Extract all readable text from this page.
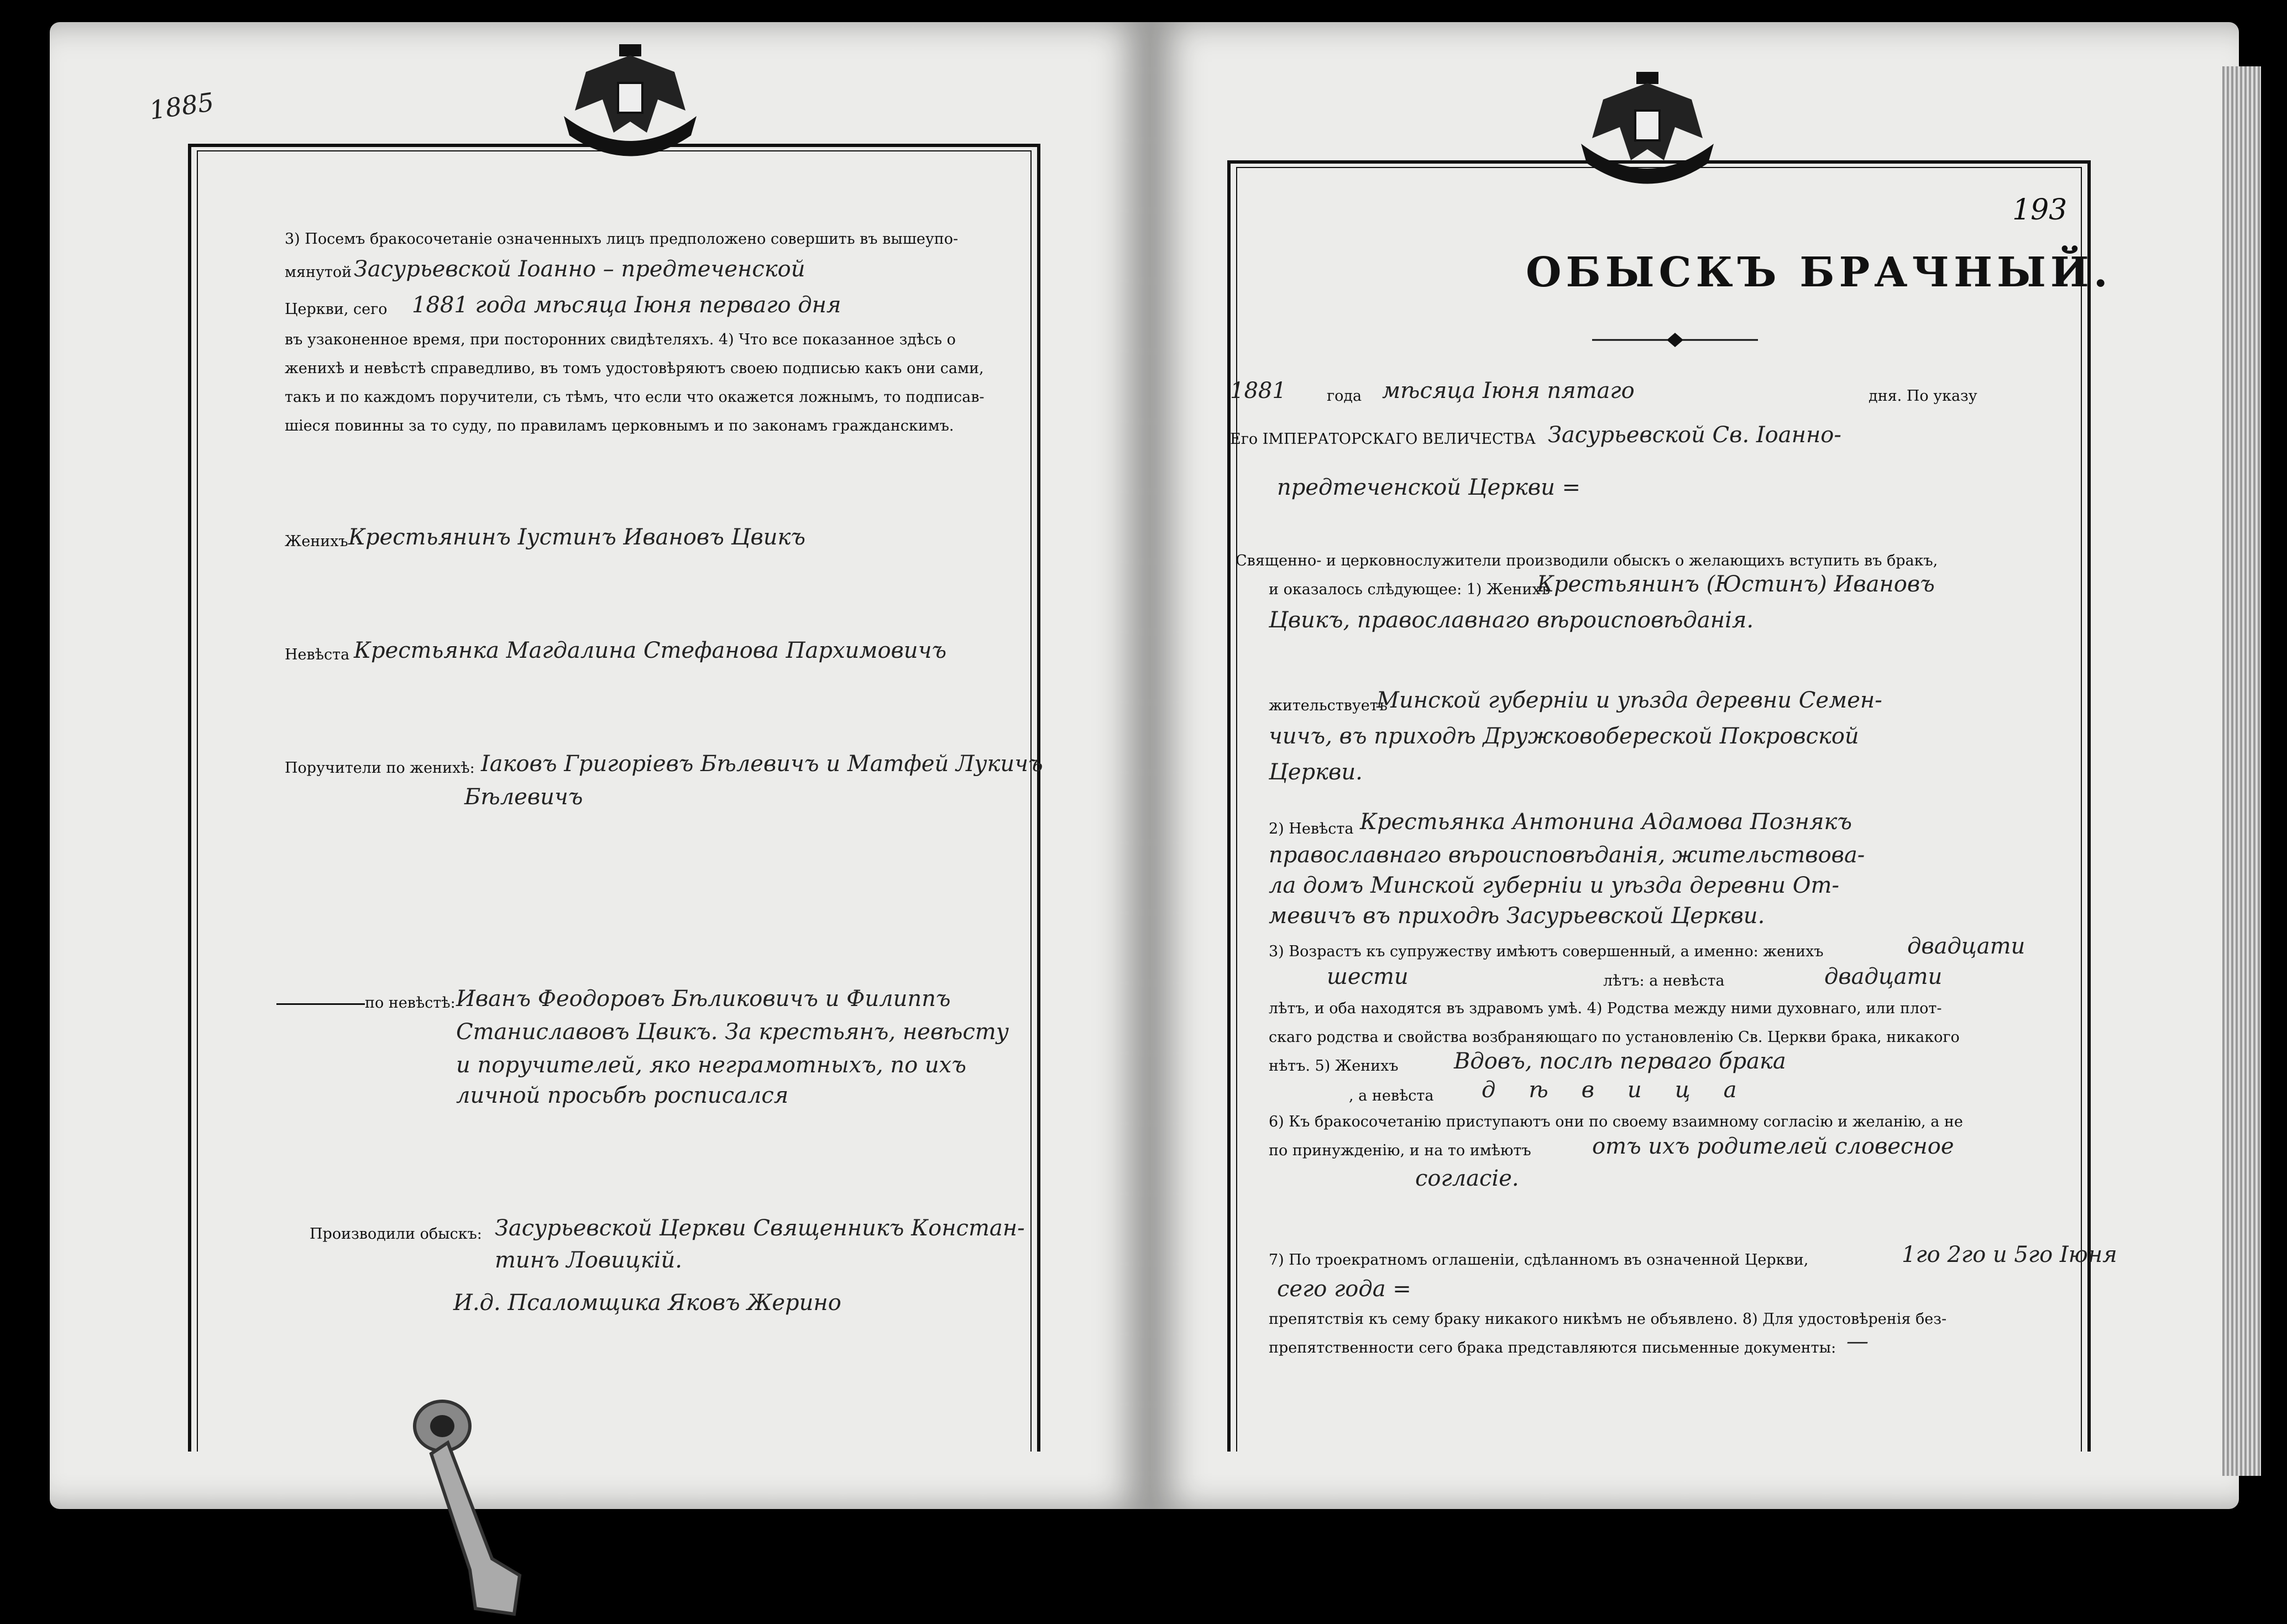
1885
3) Посемъ бракосочетанiе означенныхъ лицъ предположено совершить въ вышеупо-
мянутой Засурьевской Iоанно – предтеченской
Церкви, сего 1881 года мѣсяца Iюня перваго дня
въ узаконенное время, при посторонних свидѣтеляхъ. 4) Что все показанное здѣсь о
женихѣ и невѣстѣ справедливо, въ томъ удостовѣряютъ своею подписью какъ они сами,
такъ и по каждомъ поручители, съ тѣмъ, что если что окажется ложнымъ, то подписав-
шiеся повинны за то суду, по правиламъ церковнымъ и по законамъ гражданскимъ.
Женихъ Крестьянинъ Iустинъ Ивановъ Цвикъ
Невѣста Крестьянка Магдалина Стефанова Пархимовичъ
Поручители по женихѣ: Iаковъ Григорiевъ Бѣлевичъ и Матфей Лукичъ
Бѣлевичъ
по невѣстѣ: Иванъ Феодоровъ Бѣликовичъ и Филиппъ
Станиславовъ Цвикъ. За крестьянъ, невѣсту
и поручителей, яко неграмотныхъ, по ихъ
личной просьбѣ росписался
Производили обыскъ: Засурьевской Церкви Священникъ Констан-
тинъ Ловицкiй.
И.д. Псаломщика Яковъ Жерино
193
ОБЫСКЪ БРАЧНЫЙ.
1881	года мѣсяца Iюня пятаго	дня. По указу
Его IМПЕРАТОРСКАГО ВЕЛИЧЕСТВА Засурьевской Св. Iоанно-
предтеченской Церкви =
Священно- и церковнослужители производили обыскъ о желающихъ вступить въ бракъ,
и оказалось слѣдующее: 1) Женихъ
Крестьянинъ (Юстинъ) Ивановъ
Цвикъ, православнаго вѣроисповѣданiя.
жительствуетъ
Минской губернiи и уѣзда деревни Семен-
чичъ, въ приходѣ Дружковобереской Покровской
Церкви.
2) Невѣста Крестьянка Антонина Адамова Познякъ
православнаго вѣроисповѣданiя, жительствова-
ла домъ Минской губернiи и уѣзда деревни От-
мевичъ въ приходѣ Засурьевской Церкви.
3) Возрастъ къ супружеству имѣютъ совершенный, а именно: женихъ	двадцати
шести	лѣтъ: а невѣста	двадцати
лѣтъ, и оба находятся въ здравомъ умѣ. 4) Родства между ними духовнаго, или плот-
скаго родства и свойства возбраняющаго по установленiю Св. Церкви брака, никакого
нѣтъ. 5) Женихъ	Вдовъ, послѣ перваго брака
, а невѣста дѣвица
6) Къ бракосочетанiю приступаютъ они по своему взаимному согласiю и желанiю, а не
по принужденiю, и на то имѣютъ	отъ ихъ родителей словесное
согласiе.
7) По троекратномъ оглашенiи, сдѣланномъ въ означенной Церкви,	1го 2го и 5го Iюня
сего года =
препятствiя къ сему браку никакого никѣмъ не объявлено. 8) Для удостовѣренiя без-
препятственности сего брака представляются письменные документы: —
